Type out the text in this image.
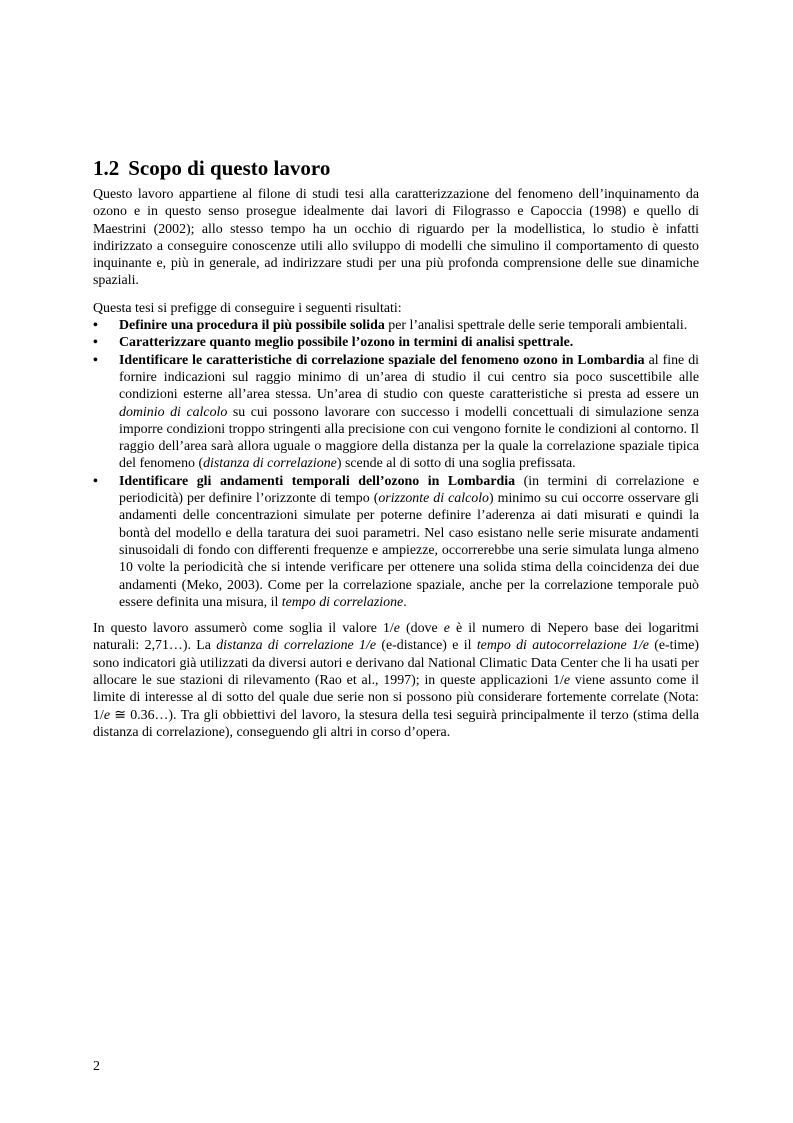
1.2 Scopo di questo lavoro

Questo lavoro appartiene al filone di studi tesi alla caratterizzazione del fenomeno dell’inquinamento da ozono e in questo senso prosegue idealmente dai lavori di Filograsso e Capoccia (1998) e quello di Maestrini (2002); allo stesso tempo ha un occhio di riguardo per la modellistica, lo studio è infatti indirizzato a conseguire conoscenze utili allo sviluppo di modelli che simulino il comportamento di questo inquinante e, più in generale, ad indirizzare studi per una più profonda comprensione delle sue dinamiche spaziali.

Questa tesi si prefigge di conseguire i seguenti risultati:

•	Definire una procedura il più possibile solida per l’analisi spettrale delle serie temporali ambientali.
•	Caratterizzare quanto meglio possibile l’ozono in termini di analisi spettrale.
•	Identificare le caratteristiche di correlazione spaziale del fenomeno ozono in Lombardia al fine di fornire indicazioni sul raggio minimo di un’area di studio il cui centro sia poco suscettibile alle condizioni esterne all’area stessa. Un’area di studio con queste caratteristiche si presta ad essere un dominio di calcolo su cui possono lavorare con successo i modelli concettuali di simulazione senza imporre condizioni troppo stringenti alla precisione con cui vengono fornite le condizioni al contorno. Il raggio dell’area sarà allora uguale o maggiore della distanza per la quale la correlazione spaziale tipica del fenomeno (distanza di correlazione) scende al di sotto di una soglia prefissata.
•	Identificare gli andamenti temporali dell’ozono in Lombardia (in termini di correlazione e periodicità) per definire l’orizzonte di tempo (orizzonte di calcolo) minimo su cui occorre osservare gli andamenti delle concentrazioni simulate per poterne definire l’aderenza ai dati misurati e quindi la bontà del modello e della taratura dei suoi parametri. Nel caso esistano nelle serie misurate andamenti sinusoidali di fondo con differenti frequenze e ampiezze, occorrerebbe una serie simulata lunga almeno 10 volte la periodicità che si intende verificare per ottenere una solida stima della coincidenza dei due andamenti (Meko, 2003). Come per la correlazione spaziale, anche per la correlazione temporale può essere definita una misura, il tempo di correlazione.

In questo lavoro assumerò come soglia il valore 1/e (dove e è il numero di Nepero base dei logaritmi naturali: 2,71…). La distanza di correlazione 1/e (e-distance) e il tempo di autocorrelazione 1/e (e-time) sono indicatori già utilizzati da diversi autori e derivano dal National Climatic Data Center che li ha usati per allocare le sue stazioni di rilevamento (Rao et al., 1997); in queste applicazioni 1/e viene assunto come il limite di interesse al di sotto del quale due serie non si possono più considerare fortemente correlate (Nota: 1/e ≅ 0.36…). Tra gli obbiettivi del lavoro, la stesura della tesi seguirà principalmente il terzo (stima della distanza di correlazione), conseguendo gli altri in corso d’opera.

2
